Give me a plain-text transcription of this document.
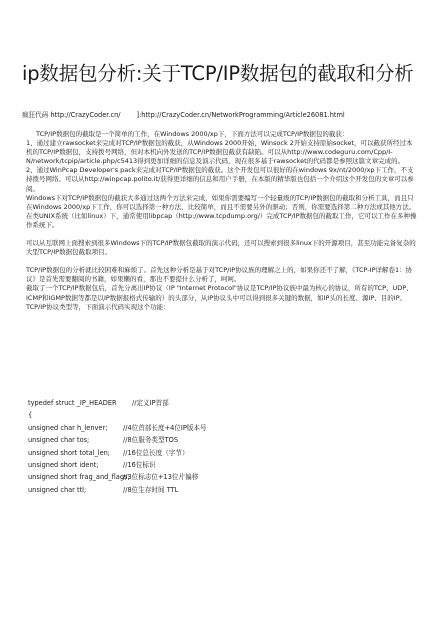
ip数据包分析:关于TCP/IP数据包的截取和分析
疯狂代码 http://CrazyCoder.cn/ ]:http://CrazyCoder.cn/NetworkProgramming/Article26081.html

TCP/IP数据包的截取是一个简单的工作，在Windows 2000/xp下，下面方法可以完成TCP/IP数据包的截获：

1、通过建立rawsocket来完成对TCP/IP数据包的截获，从Windows 2000开始，Winsock 2开始支持原始socket，可以截获所经过本机的TCP/IP数据包，支持拨号网络，但对本机向外发送的TCP/IP数据包截获有缺陷。可以从http://www.codeguru.com/Cpp/I-N/network/tcpip/article.php/c5413得到更加详细的信息及演示代码，现在很多基于rawsocket的代码都是参照这篇文章完成的。

2、通过WinPcap Developer's pack来完成对TCP/IP数据包的截获。这个开发包可以很好的在windows 9x/nt/2000/xp下工作，不支持拨号网络。可以从http://winpcap.polito.it/获得更详细的信息和用户手册，在本版的精华版也包括一个介绍这个开发包的文章可以参阅。

Windows下对TCP/IP数据包的截获大多通过这两个方法来完成，如果你需要编写一个轻量级的TCP/IP数据包的截取和分析工具，而且只在Windows 2000/xp下工作，你可以选择第一种方法，比较简单，而且不需要另外的驱动；否则，你需要选择第二种方法或其他方法。

在类UNIX系统（比如linux）下，通常使用libpcap（http://www.tcpdump.org/）完成TCP/IP数据包的截取工作，它可以工作在多种操作系统下。

可以从互联网上面搜索到很多Windows下的TCP/IP数据包截取的演示代码，还可以搜索到很多linux下的开源项目，甚至功能完备复杂的大型TCP/IP数据包截取项目。

TCP/IP数据包的分析就比较困难和麻烦了。首先这种分析是基于对TCP/IP协议族的理解之上的，如果你还不了解，《TCP-IP详解卷1：协议》是首先需要翻阅的书籍，如果懒的看，那也不要提什么分析了，呵呵。

截取了一个TCP/IP数据包后，首先分离出IP协议（IP "Internet Protocol"协议是TCP/IP协议族中最为核心的协议，所有的TCP、UDP、ICMP和IGMP数据等都是以IP数据报格式传输的）的头部分，从IP协议头中可以得到很多关键的数据，如IP头的长度、源IP、目的IP、TCP/IP协议类型等，下面演示代码实现这个功能：

typedef struct _IP_HEADER //定义IP首部
{
unsigned char h_lenver; //4位首部长度+4位IP版本号
unsigned char tos;	//8位服务类型TOS
unsigned short total_len; //16位总长度（字节）
unsigned short ident;	//16位标识
unsigned short frag_and_flags;//3位标志位+13位片偏移
unsigned char ttl;	//8位生存时间 TTL
